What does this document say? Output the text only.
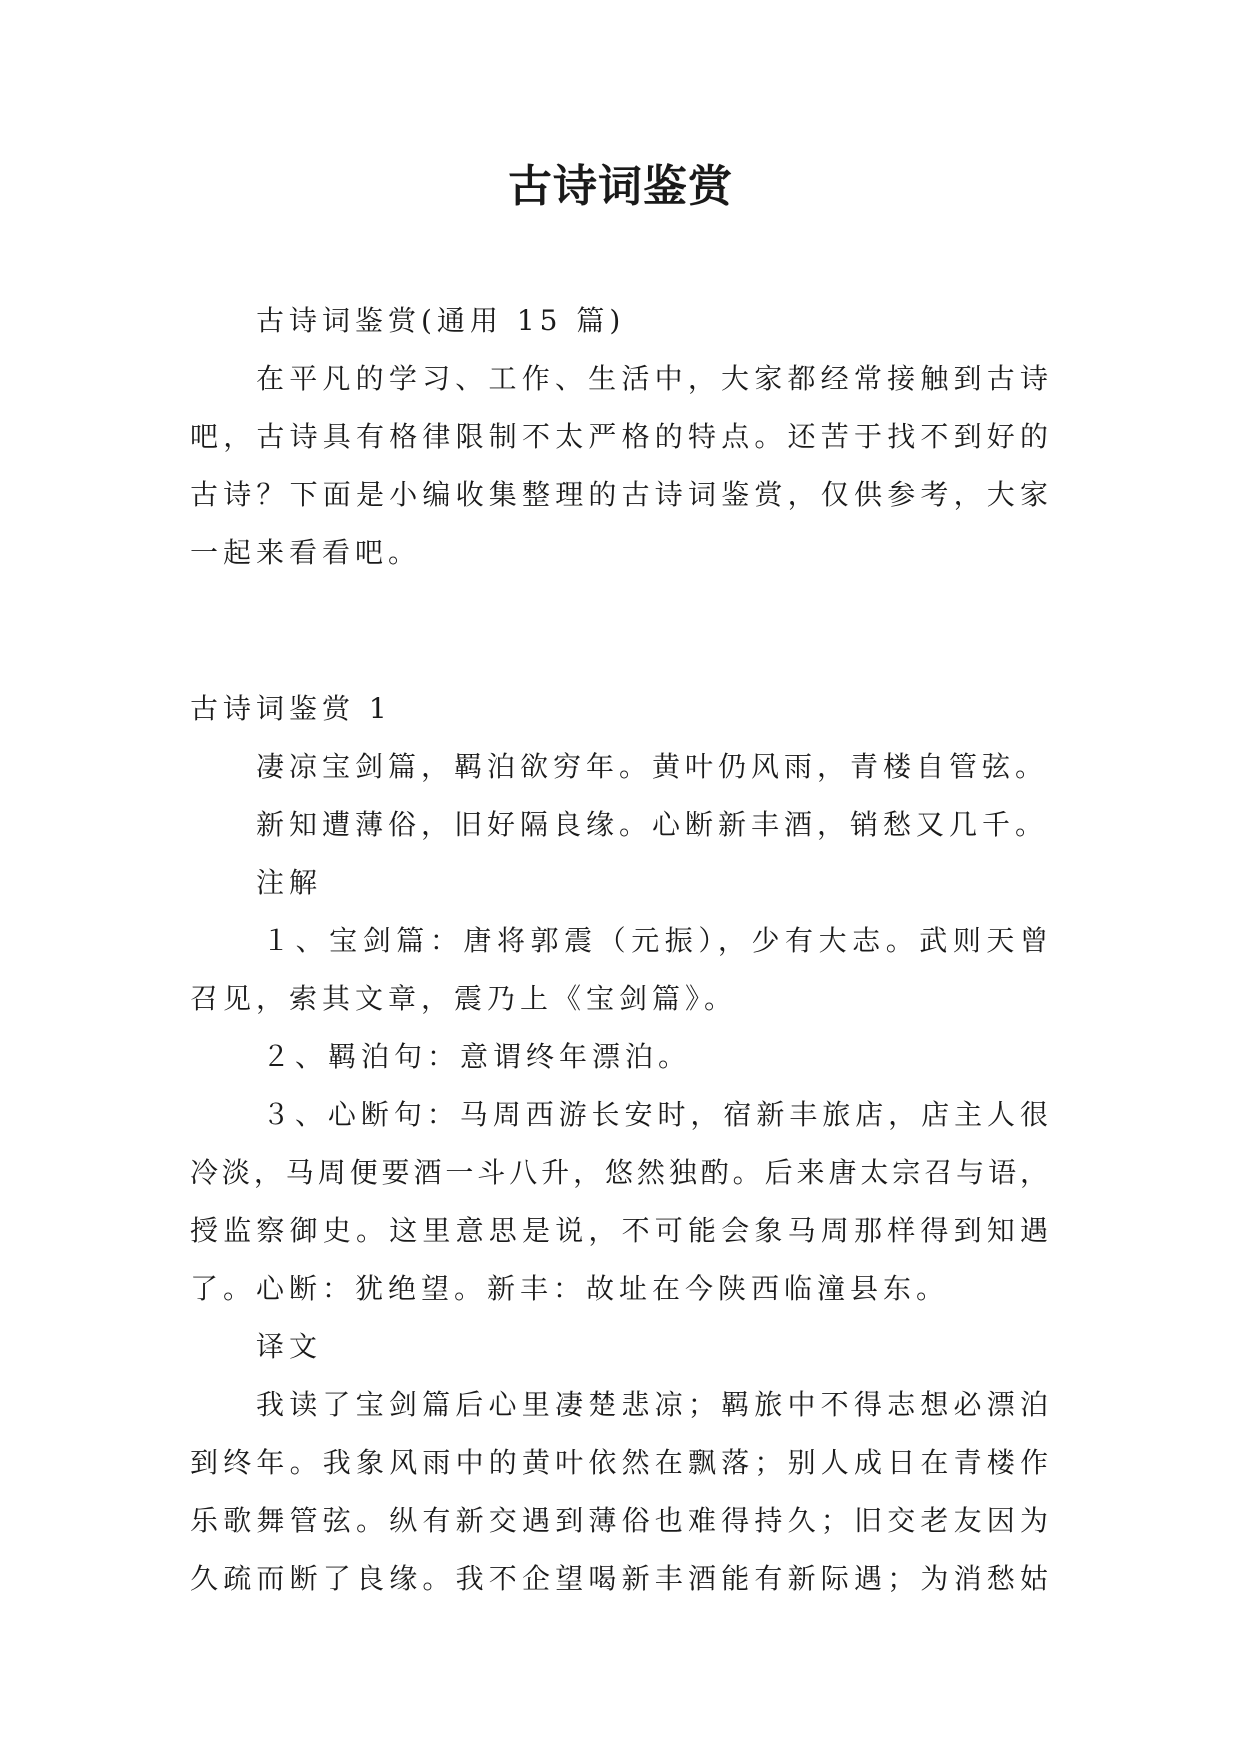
古诗词鉴赏
古诗词鉴赏(通用 15 篇)
在平凡的学习、工作、生活中，大家都经常接触到古诗
吧，古诗具有格律限制不太严格的特点。还苦于找不到好的
古诗？下面是小编收集整理的古诗词鉴赏，仅供参考，大家
一起来看看吧。
古诗词鉴赏 1
凄凉宝剑篇，羁泊欲穷年。黄叶仍风雨，青楼自管弦。
新知遭薄俗，旧好隔良缘。心断新丰酒，销愁又几千。
注解
１、宝剑篇：唐将郭震（元振），少有大志。武则天曾
召见，索其文章，震乃上《宝剑篇》。
２、羁泊句：意谓终年漂泊。
３、心断句：马周西游长安时，宿新丰旅店，店主人很
冷淡，马周便要酒一斗八升，悠然独酌。后来唐太宗召与语，
授监察御史。这里意思是说，不可能会象马周那样得到知遇
了。心断：犹绝望。新丰：故址在今陕西临潼县东。
译文
我读了宝剑篇后心里凄楚悲凉；羁旅中不得志想必漂泊
到终年。我象风雨中的黄叶依然在飘落；别人成日在青楼作
乐歌舞管弦。纵有新交遇到薄俗也难得持久；旧交老友因为
久疏而断了良缘。我不企望喝新丰酒能有新际遇；为消愁姑
